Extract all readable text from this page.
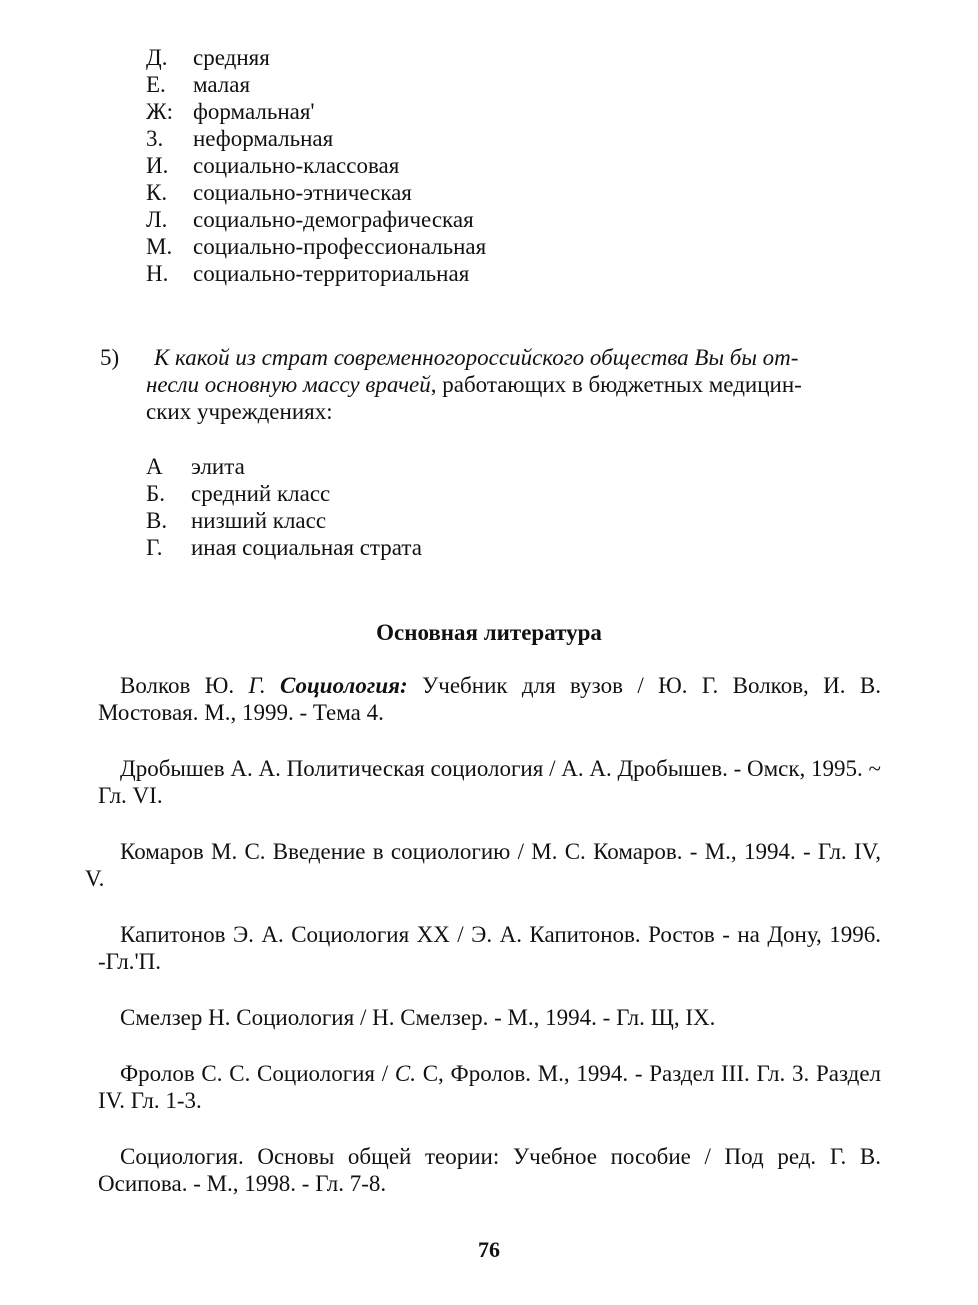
Д.	средняя
Е.	малая
Ж: формальная'
3.	неформальная
И.	социально-классовая
К.	социально-этническая
Л.	социально-демографическая
М. социально-профессиональная
Н.	социально-территориальная
5)	К какой из страт современногороссийского общества Вы бы от-
несли основную массу врачей, работающих в бюджетных медицин-
ских учреждениях:
А	элита
Б.	средний класс
В.	низший класс
Г.	иная социальная страта
Основная литература

Волков Ю. Г. Социология: Учебник для вузов / Ю. Г. Волков, И. В. Мостовая. М., 1999. - Тема 4.

Дробышев А. А. Политическая социология / А. А. Дробышев. - Омск, 1995. ~ Гл. VI.

Комаров М. С. Введение в социологию / М. С. Комаров. - М., 1994. - Гл. IV, V.

Капитонов Э. А. Социология XX / Э. А. Капитонов. Ростов - на Дону, 1996. -Гл.'П.

Смелзер Н. Социология / Н. Смелзер. - М., 1994. - Гл. Щ, IX.

Фролов С. С. Социология / С. С, Фролов. М., 1994. - Раздел III. Гл. 3. Раздел IV. Гл. 1-3.

Социология. Основы общей теории: Учебное пособие / Под ред. Г. В. Осипова. - М., 1998. - Гл. 7-8.

76
